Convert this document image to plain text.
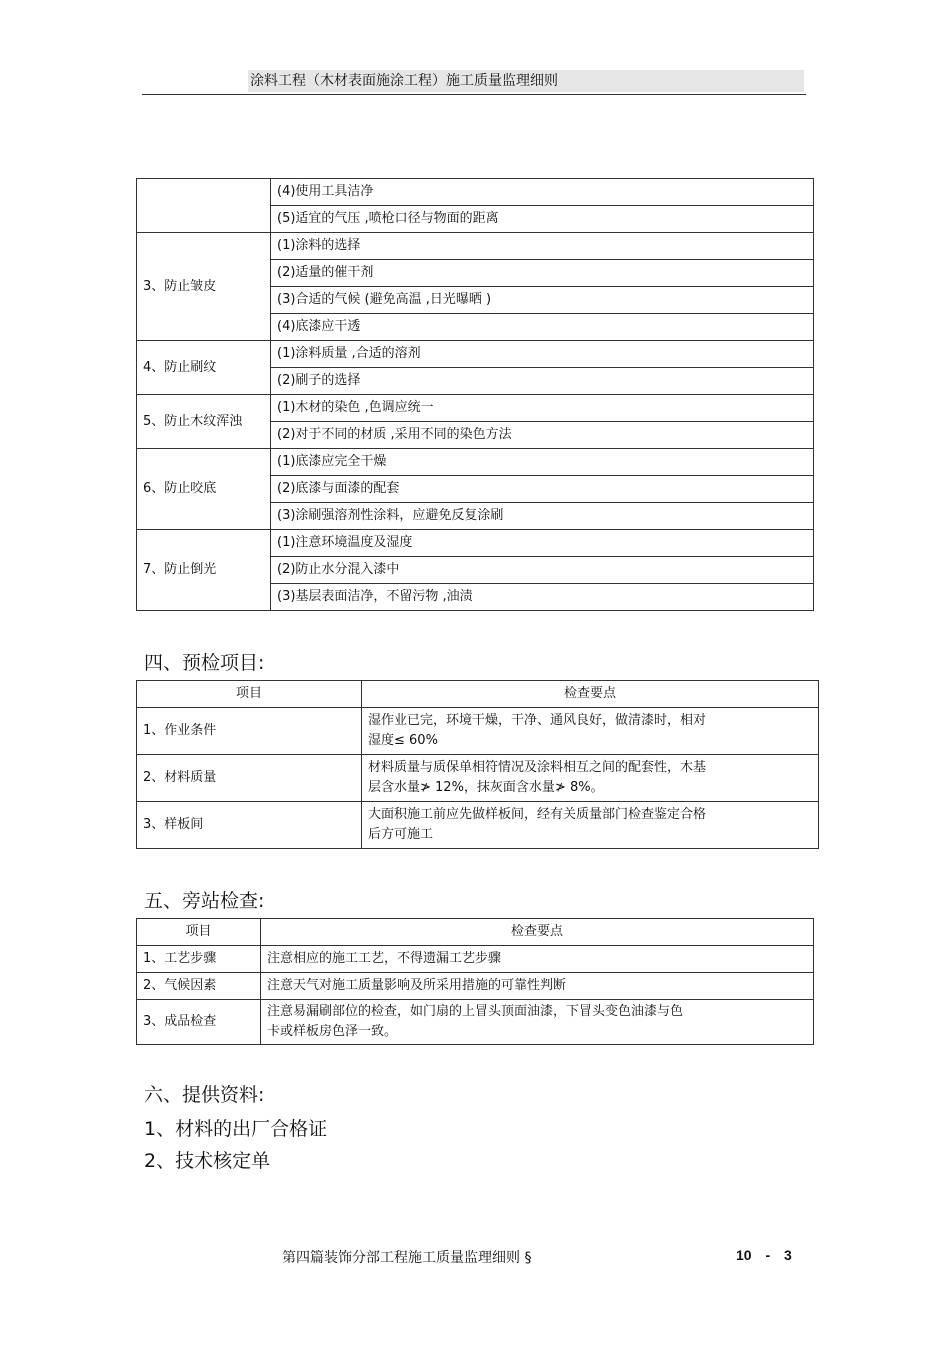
涂料工程（木材表面施涂工程）施工质量监理细则
	(4)使用工具洁净
	(5)适宜的气压 ,喷枪口径与物面的距离
3、防止皱皮	(1)涂料的选择
	(2)适量的催干剂
	(3)合适的气候 (避免高温 ,日光曝晒 )
	(4)底漆应干透
4、防止刷纹	(1)涂料质量 ,合适的溶剂
	(2)刷子的选择
5、防止木纹浑浊	(1)木材的染色 ,色调应统一
	(2)对于不同的材质 ,采用不同的染色方法
6、防止咬底	(1)底漆应完全干燥
	(2)底漆与面漆的配套
	(3)涂刷强溶剂性涂料，应避免反复涂刷
7、防止倒光	(1)注意环境温度及湿度
	(2)防止水分混入漆中
	(3)基层表面洁净，不留污物 ,油渍
四、预检项目:
项目	检查要点
1、作业条件	湿作业已完，环境干燥，干净、通风良好，做清漆时，相对
湿度≤ 60%

2、材料质量	材料质量与质保单相符情况及涂料相互之间的配套性，木基
层含水量≯ 12%，抹灰面含水量≯ 8%。

3、样板间	大面积施工前应先做样板间，经有关质量部门检查鉴定合格
后方可施工
五、旁站检查:
项目	检查要点
1、工艺步骤	注意相应的施工工艺，不得遗漏工艺步骤
2、气候因素	注意天气对施工质量影响及所采用措施的可靠性判断
3、成品检查	注意易漏刷部位的检查，如门扇的上冒头顶面油漆，下冒头变色油漆与色
卡或样板房色泽一致。
六、提供资料:
1、材料的出厂合格证
2、技术核定单
第四篇装饰分部工程施工质量监理细则 §	10 - 3
